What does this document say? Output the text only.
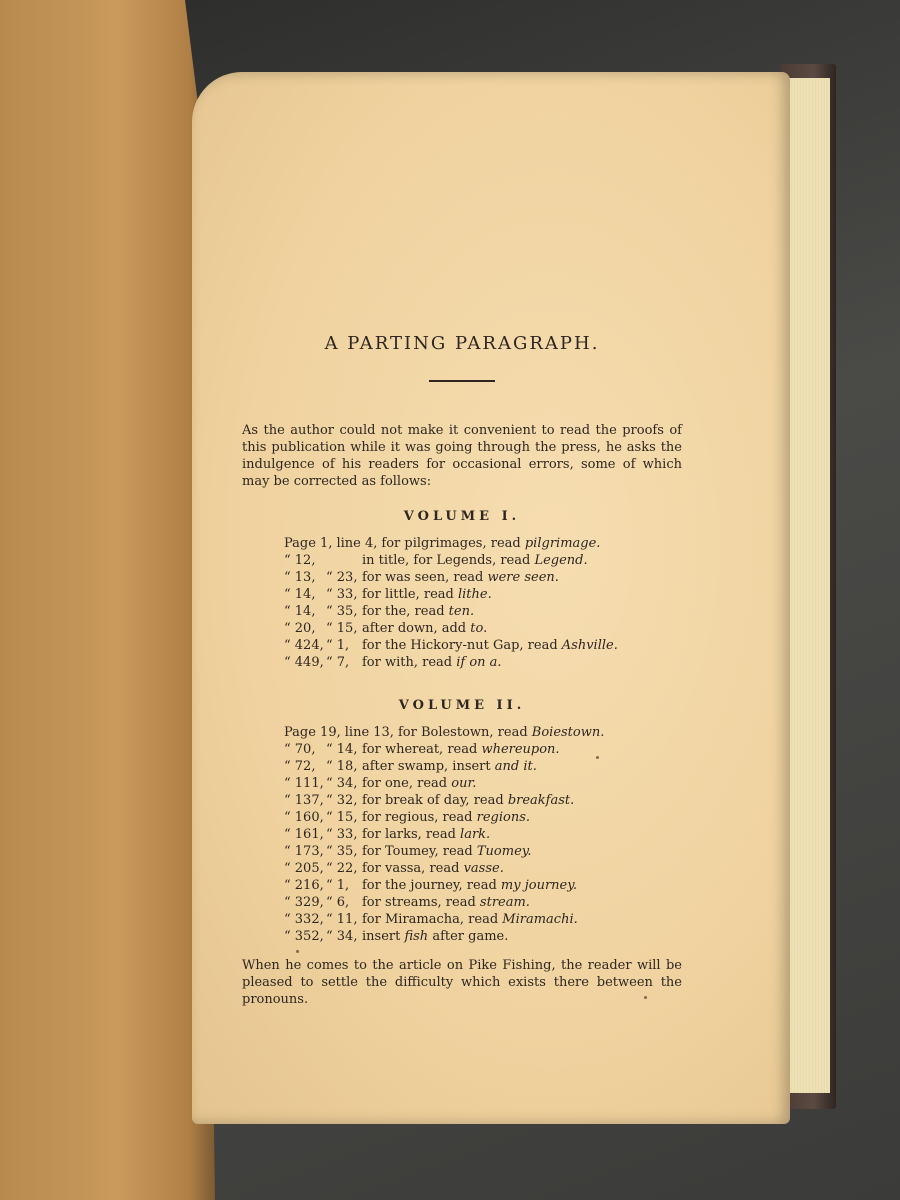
A PARTING PARAGRAPH.

As the author could not make it convenient to read the proofs of this publication while it was going through the press, he asks the indulgence of his readers for occasional errors, some of which may be corrected as follows:

VOLUME I.
Page 1, line 4, for pilgrimages, read pilgrimage.
“ 12,	in title, for Legends, read Legend.
“ 13, “ 23, for was seen, read were seen.
“ 14, “ 33, for little, read lithe.
“ 14, “ 35, for the, read ten.
“ 20, “ 15, after down, add to.
“ 424, “ 1, for the Hickory-nut Gap, read Ashville.
“ 449, “ 7, for with, read if on a.
VOLUME II.
Page 19, line 13, for Bolestown, read Boiestown.
“ 70, “ 14, for whereat, read whereupon.
“ 72, “ 18, after swamp, insert and it.
“ 111, “ 34, for one, read our.
“ 137, “ 32, for break of day, read breakfast.
“ 160, “ 15, for regious, read regions.
“ 161, “ 33, for larks, read lark.
“ 173, “ 35, for Toumey, read Tuomey.
“ 205, “ 22, for vassa, read vasse.
“ 216, “ 1, for the journey, read my journey.
“ 329, “ 6, for streams, read stream.
“ 332, “ 11, for Miramacha, read Miramachi.
“ 352, “ 34, insert fish after game.

When he comes to the article on Pike Fishing, the reader will be pleased to settle the difficulty which exists there between the pronouns.
